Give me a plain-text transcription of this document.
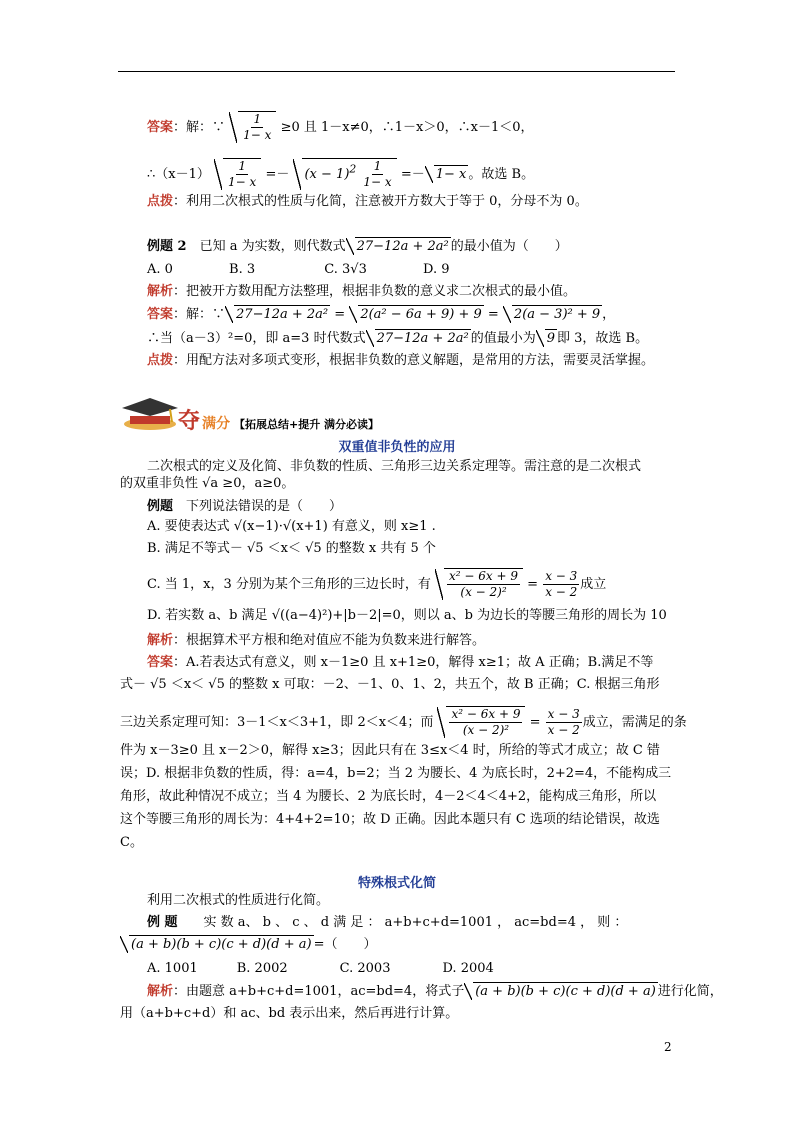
答案：解：∵ $\frac{1}{1- x} \ge 0$ 且 1－x≠0，∴1－x＞0，∴x－1＜0，
∴（x－1） $\frac{1}{1- x} =- (x - 1)^2 \frac{1}{1- x} =- 1- x$ 。故选 B。
点拨：利用二次根式的性质与化简，注意被开方数大于等于 0，分母不为 0。
例题 2　 已知 a 为实数，则代数式 27−12a + 2a² 的最小值为（　　）
A. 0　　　　 B. 3　　　　　 C. 3√3　　　　 D. 9
解析：把被开方数用配方法整理，根据非负数的意义求二次根式的最小值。
答案：解：∵ 27−12a + 2a² = 2(a² − 6a + 9) + 9 = 2(a − 3)² + 9 ，
∴当（a－3）²=0，即 a=3 时代数式 27−12a + 2a² 的值最小为 9 即 3，故选 B。
点拨：用配方法对多项式变形，根据非负数的意义解题，是常用的方法，需要灵活掌握。
夺满分 【拓展总结+提升 满分必读】
双重值非负性的应用
二次根式的定义及化简、非负数的性质、三角形三边关系定理等。需注意的是二次根式
的双重非负性 √a ≥0，a≥0。
例题　下列说法错误的是（　　）
A. 要使表达式 √(x−1)·√(x+1) 有意义，则 x≥1 .
B. 满足不等式－ √5 ＜x＜ √5 的整数 x 共有 5 个
C. 当 1，x，3 分别为某个三角形的三边长时，有 $\frac{\text{x² − 6x + 9}}{\text{(x − 2)²}} = \frac{x - 3}{x - 2}$ 成立
D. 若实数 a、b 满足 √((a−4)²)+|b－2|=0，则以 a、b 为边长的等腰三角形的周长为 10
解析：根据算术平方根和绝对值应不能为负数来进行解答。
答案：A.若表达式有意义，则 x－1≥0 且 x+1≥0，解得 x≥1；故 A 正确；B.满足不等
式－ √5 ＜x＜ √5 的整数 x 可取：－2、－1、0、1、2，共五个，故 B 正确；C. 根据三角形
三边关系定理可知：3－1＜x＜3+1，即 2＜x＜4；而 $\frac{\text{x² − 6x + 9}}{\text{(x − 2)²}} = \frac{x - 3}{x - 2}$ 成立，需满足的条
件为 x－3≥0 且 x－2＞0，解得 x≥3；因此只有在 3≤x＜4 时，所给的等式才成立；故 C 错
误；D. 根据非负数的性质，得：a=4，b=2；当 2 为腰长、4 为底长时，2+2=4，不能构成三
角形，故此种情况不成立；当 4 为腰长、2 为底长时，4－2＜4＜4+2，能构成三角形，所以
这个等腰三角形的周长为：4+4+2=10；故 D 正确。因此本题只有 C 选项的结论错误，故选
C。
特殊根式化简
利用二次根式的性质进行化简。
例 题　　实 数 a、 b 、 c 、 d 满 足 ： a+b+c+d=1001 ， ac=bd=4 ， 则 ：
(a + b)(b + c)(c + d)(d + a) =（　　）
A. 1001　　　B. 2002　　　　C. 2003　　　　D. 2004
解析：由题意 a+b+c+d=1001，ac=bd=4，将式子 (a + b)(b + c)(c + d)(d + a) 进行化简，
用（a+b+c+d）和 ac、bd 表示出来，然后再进行计算。
2
